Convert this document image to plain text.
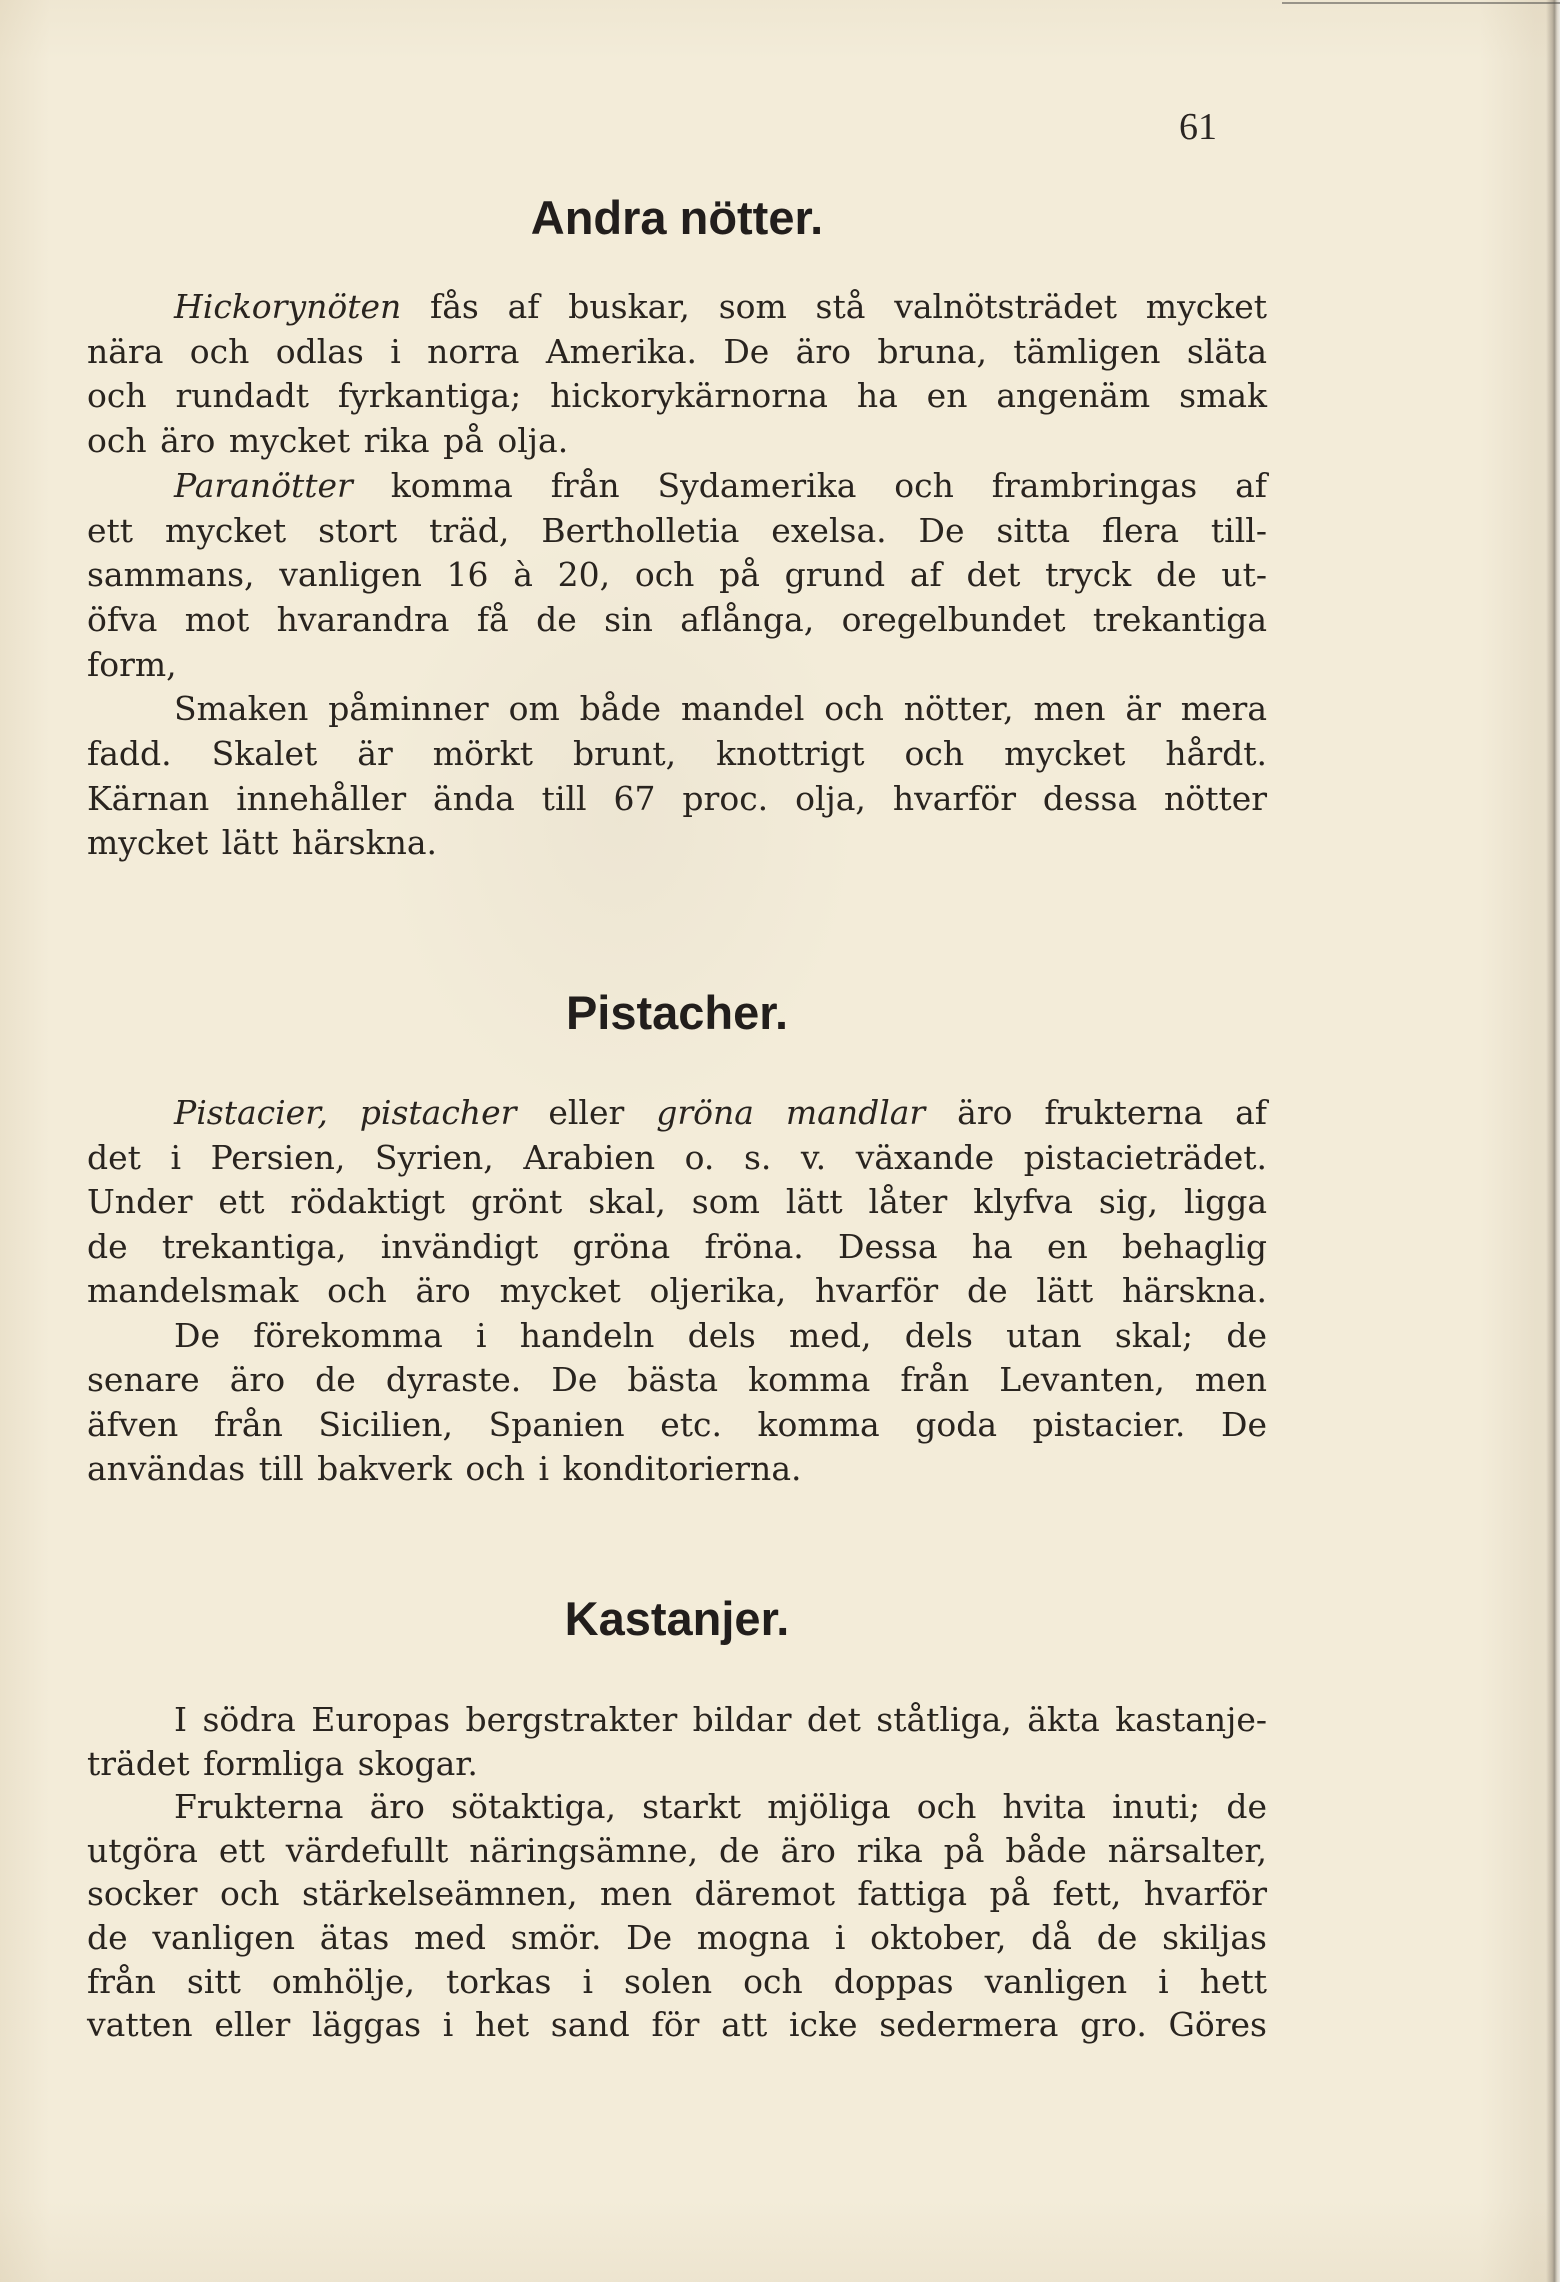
61
Andra nötter.
Hickorynöten fås af buskar, som stå valnötsträdet mycket
nära och odlas i norra Amerika. De äro bruna, tämligen släta
och rundadt fyrkantiga; hickorykärnorna ha en angenäm smak
och äro mycket rika på olja.
Paranötter komma från Sydamerika och frambringas af
ett mycket stort träd, Bertholletia exelsa. De sitta flera till-
sammans, vanligen 16 à 20, och på grund af det tryck de ut-
öfva mot hvarandra få de sin aflånga, oregelbundet trekantiga
form,
Smaken påminner om både mandel och nötter, men är mera
fadd. Skalet är mörkt brunt, knottrigt och mycket hårdt.
Kärnan innehåller ända till 67 proc. olja, hvarför dessa nötter
mycket lätt härskna.
Pistacher.
Pistacier, pistacher eller gröna mandlar äro frukterna af
det i Persien, Syrien, Arabien o. s. v. växande pistacieträdet.
Under ett rödaktigt grönt skal, som lätt låter klyfva sig, ligga
de trekantiga, invändigt gröna fröna. Dessa ha en behaglig
mandelsmak och äro mycket oljerika, hvarför de lätt härskna.
De förekomma i handeln dels med, dels utan skal; de
senare äro de dyraste. De bästa komma från Levanten, men
äfven från Sicilien, Spanien etc. komma goda pistacier. De
användas till bakverk och i konditorierna.
Kastanjer.
I södra Europas bergstrakter bildar det ståtliga, äkta kastanje-
trädet formliga skogar.
Frukterna äro sötaktiga, starkt mjöliga och hvita inuti; de
utgöra ett värdefullt näringsämne, de äro rika på både närsalter,
socker och stärkelseämnen, men däremot fattiga på fett, hvarför
de vanligen ätas med smör. De mogna i oktober, då de skiljas
från sitt omhölje, torkas i solen och doppas vanligen i hett
vatten eller läggas i het sand för att icke sedermera gro. Göres
